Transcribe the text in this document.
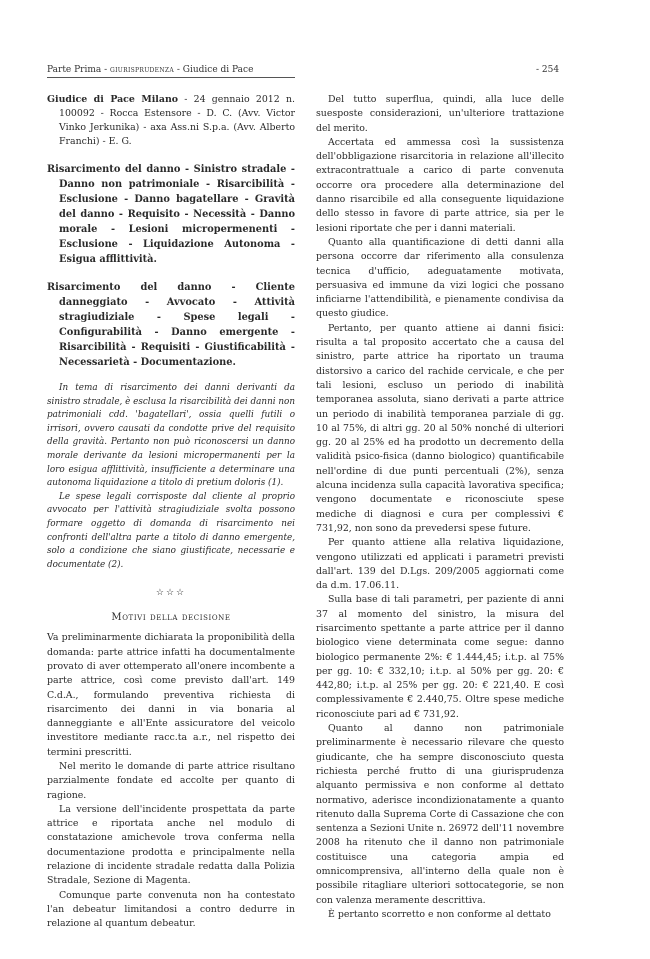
Parte Prima - giurisprudenza - Giudice di Pace	- 254

Giudice di Pace Milano - 24 gennaio 2012 n. 100092 - Rocca Estensore - D. C. (Avv. Victor Vinko Jerkunika) - axa Ass.ni S.p.a. (Avv. Alberto Franchi) - E. G.

Risarcimento del danno - Sinistro stradale - Danno non patrimoniale - Risarcibilità - Esclusione - Danno bagatellare - Gravità del danno - Requisito - Necessità - Danno morale - Lesioni micropermenenti - Esclusione - Liquidazione Autonoma - Esigua afflittività.

Risarcimento del danno - Cliente danneggiato - Avvocato - Attività stragiudiziale - Spese legali - Configurabilità - Danno emergente - Risarcibilità - Requisiti - Giustificabilità - Necessarietà - Documentazione.

In tema di risarcimento dei danni derivanti da sinistro stradale, è esclusa la risarcibilità dei danni non patrimoniali cdd. 'bagatellari', ossia quelli futili o irrisori, ovvero causati da condotte prive del requisito della gravità. Pertanto non può riconoscersi un danno morale derivante da lesioni micropermanenti per la loro esigua afflittività, insufficiente a determinare una autonoma liquidazione a titolo di pretium doloris (1).

Le spese legali corrisposte dal cliente al proprio avvocato per l'attività stragiudiziale svolta possono formare oggetto di domanda di risarcimento nei confronti dell'altra parte a titolo di danno emergente, solo a condizione che siano giustificate, necessarie e documentate (2).

☆☆☆
Motivi della decisione

Va preliminarmente dichiarata la proponibilità della domanda: parte attrice infatti ha documentalmente provato di aver ottemperato all'onere incombente a parte attrice, così come previsto dall'art. 149 C.d.A., formulando preventiva richiesta di risarcimento dei danni in via bonaria al danneggiante e all'Ente assicuratore del veicolo investitore mediante racc.ta a.r., nel rispetto dei termini prescritti.

Nel merito le domande di parte attrice risultano parzialmente fondate ed accolte per quanto di ragione.

La versione dell'incidente prospettata da parte attrice e riportata anche nel modulo di constatazione amichevole trova conferma nella documentazione prodotta e principalmente nella relazione di incidente stradale redatta dalla Polizia Stradale, Sezione di Magenta.

Comunque parte convenuta non ha contestato l'an debeatur limitandosi a contro dedurre in relazione al quantum debeatur.

Del tutto superflua, quindi, alla luce delle suesposte considerazioni, un'ulteriore trattazione del merito.

Accertata ed ammessa così la sussistenza dell'obbligazione risarcitoria in relazione all'illecito extracontrattuale a carico di parte convenuta occorre ora procedere alla determinazione del danno risarcibile ed alla conseguente liquidazione dello stesso in favore di parte attrice, sia per le lesioni riportate che per i danni materiali.

Quanto alla quantificazione di detti danni alla persona occorre dar riferimento alla consulenza tecnica d'ufficio, adeguatamente motivata, persuasiva ed immune da vizi logici che possano inficiarne l'attendibilità, e pienamente condivisa da questo giudice.

Pertanto, per quanto attiene ai danni fisici: risulta a tal proposito accertato che a causa del sinistro, parte attrice ha riportato un trauma distorsivo a carico del rachide cervicale, e che per tali lesioni, escluso un periodo di inabilità temporanea assoluta, siano derivati a parte attrice un periodo di inabilità temporanea parziale di gg. 10 al 75%, di altri gg. 20 al 50% nonché di ulteriori gg. 20 al 25% ed ha prodotto un decremento della validità psico-fisica (danno biologico) quantificabile nell'ordine di due punti percentuali (2%), senza alcuna incidenza sulla capacità lavorativa specifica; vengono documentate e riconosciute spese mediche di diagnosi e cura per complessivi € 731,92, non sono da prevedersi spese future.

Per quanto attiene alla relativa liquidazione, vengono utilizzati ed applicati i parametri previsti dall'art. 139 del D.Lgs. 209/2005 aggiornati come da d.m. 17.06.11.

Sulla base di tali parametri, per paziente di anni 37 al momento del sinistro, la misura del risarcimento spettante a parte attrice per il danno biologico viene determinata come segue: danno biologico permanente 2%: € 1.444,45; i.t.p. al 75% per gg. 10: € 332,10; i.t.p. al 50% per gg. 20: € 442,80; i.t.p. al 25% per gg. 20: € 221,40. E così complessivamente € 2.440,75. Oltre spese mediche riconosciute pari ad € 731,92.

Quanto al danno non patrimoniale preliminarmente è necessario rilevare che questo giudicante, che ha sempre disconosciuto questa richiesta perché frutto di una giurisprudenza alquanto permissiva e non conforme al dettato normativo, aderisce incondizionatamente a quanto ritenuto dalla Suprema Corte di Cassazione che con sentenza a Sezioni Unite n. 26972 dell'11 novembre 2008 ha ritenuto che il danno non patrimoniale costituisce una categoria ampia ed omnicomprensiva, all'interno della quale non è possibile ritagliare ulteriori sottocategorie, se non con valenza meramente descrittiva.

È pertanto scorretto e non conforme al dettato
